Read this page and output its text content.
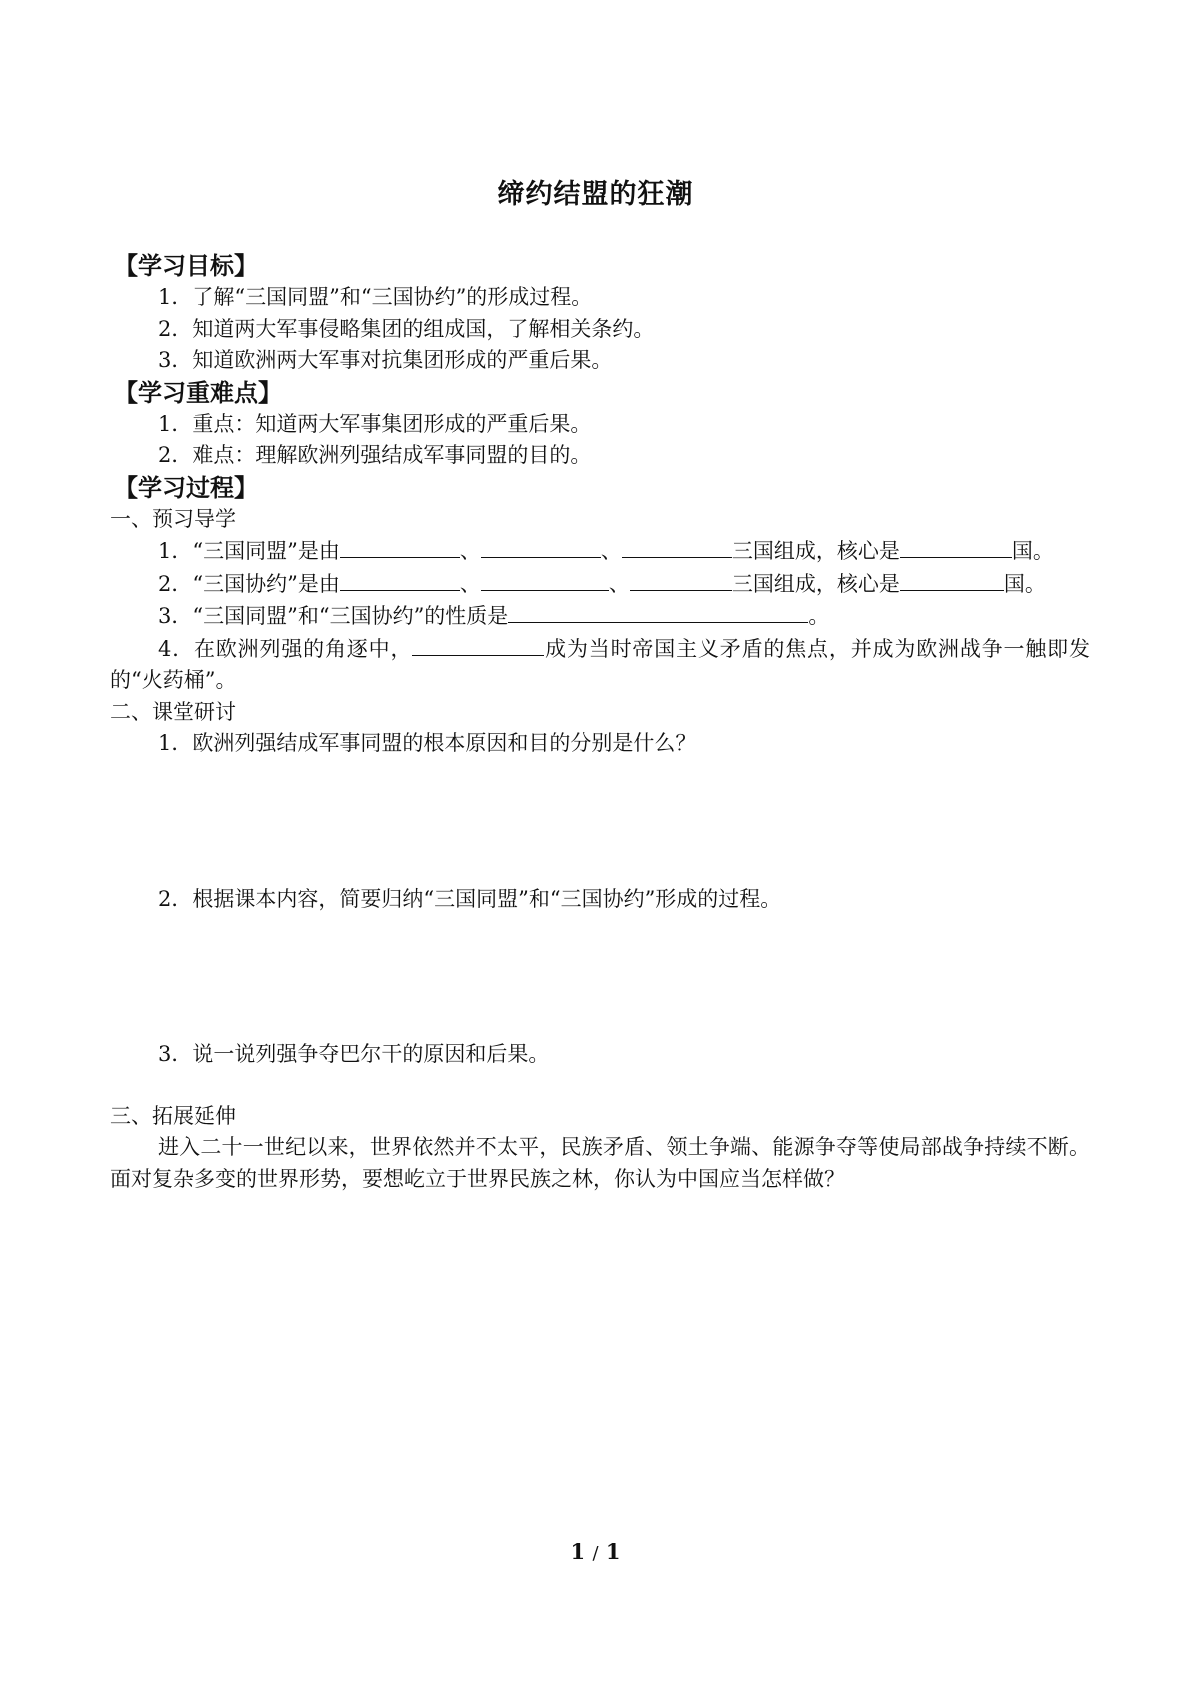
缔约结盟的狂潮
【学习目标】
1．了解“三国同盟”和“三国协约”的形成过程。
2．知道两大军事侵略集团的组成国，了解相关条约。
3．知道欧洲两大军事对抗集团形成的严重后果。
【学习重难点】
1．重点：知道两大军事集团形成的严重后果。
2．难点：理解欧洲列强结成军事同盟的目的。
【学习过程】
一、预习导学
1．“三国同盟”是由	、	、	三国组成，核心是	国。
2．“三国协约”是由	、	、	三国组成，核心是	国。
3．“三国同盟”和“三国协约”的性质是	。
4．在欧洲列强的角逐中，	成为当时帝国主义矛盾的焦点，并成为欧洲战争一触即发的“火药桶”。
二、课堂研讨
1．欧洲列强结成军事同盟的根本原因和目的分别是什么？
2．根据课本内容，简要归纳“三国同盟”和“三国协约”形成的过程。
3．说一说列强争夺巴尔干的原因和后果。
三、拓展延伸
进入二十一世纪以来，世界依然并不太平，民族矛盾、领土争端、能源争夺等使局部战争持续不断。面对复杂多变的世界形势，要想屹立于世界民族之林，你认为中国应当怎样做？
1 / 1
